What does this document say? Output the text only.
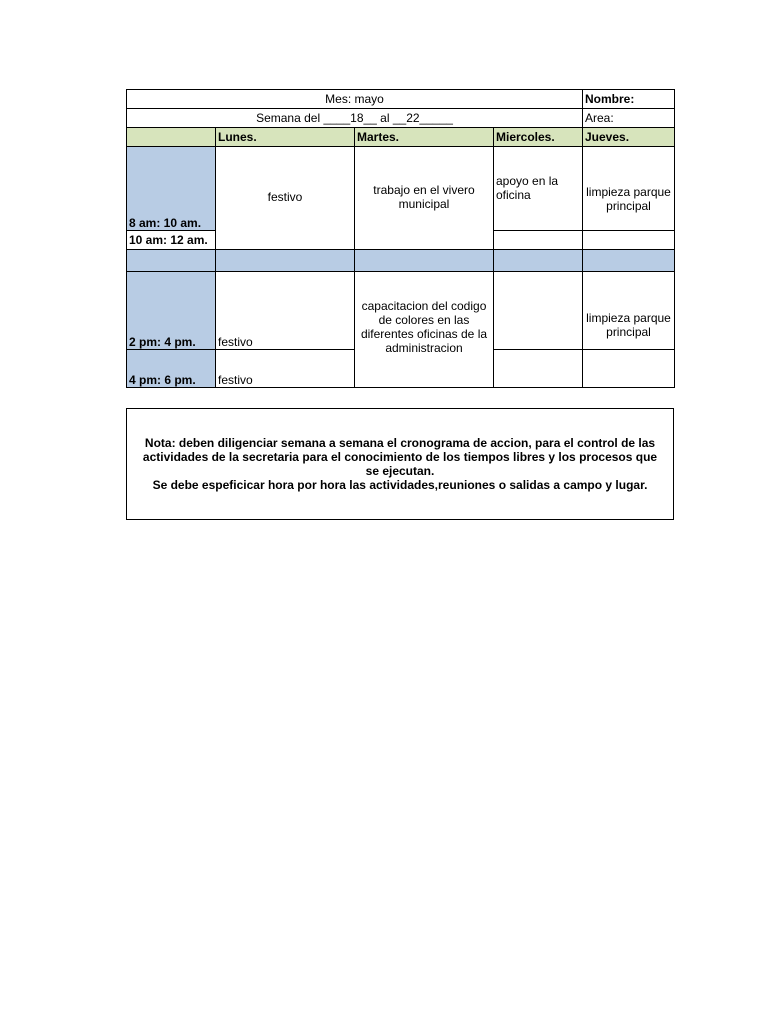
Mes: mayo				Nombre:
Semana del ____18__ al __22_____				Area:
	Lunes.	Martes.	Miercoles.	Jueves.
8 am: 10 am.	festivo	trabajo en el vivero municipal	apoyo en la oficina	limpieza parque principal
10 am: 12 am.				

2 pm: 4 pm.	festivo	capacitacion del codigo de colores en las diferentes oficinas de la administracion		limpieza parque principal
4 pm: 6 pm.	festivo			
Nota: deben diligenciar semana a semana el cronograma de accion, para el control de las actividades de la secretaria para el conocimiento de los tiempos libres y los procesos que se ejecutan.
Se debe espeficicar hora por hora las actividades,reuniones o salidas a campo y lugar.
